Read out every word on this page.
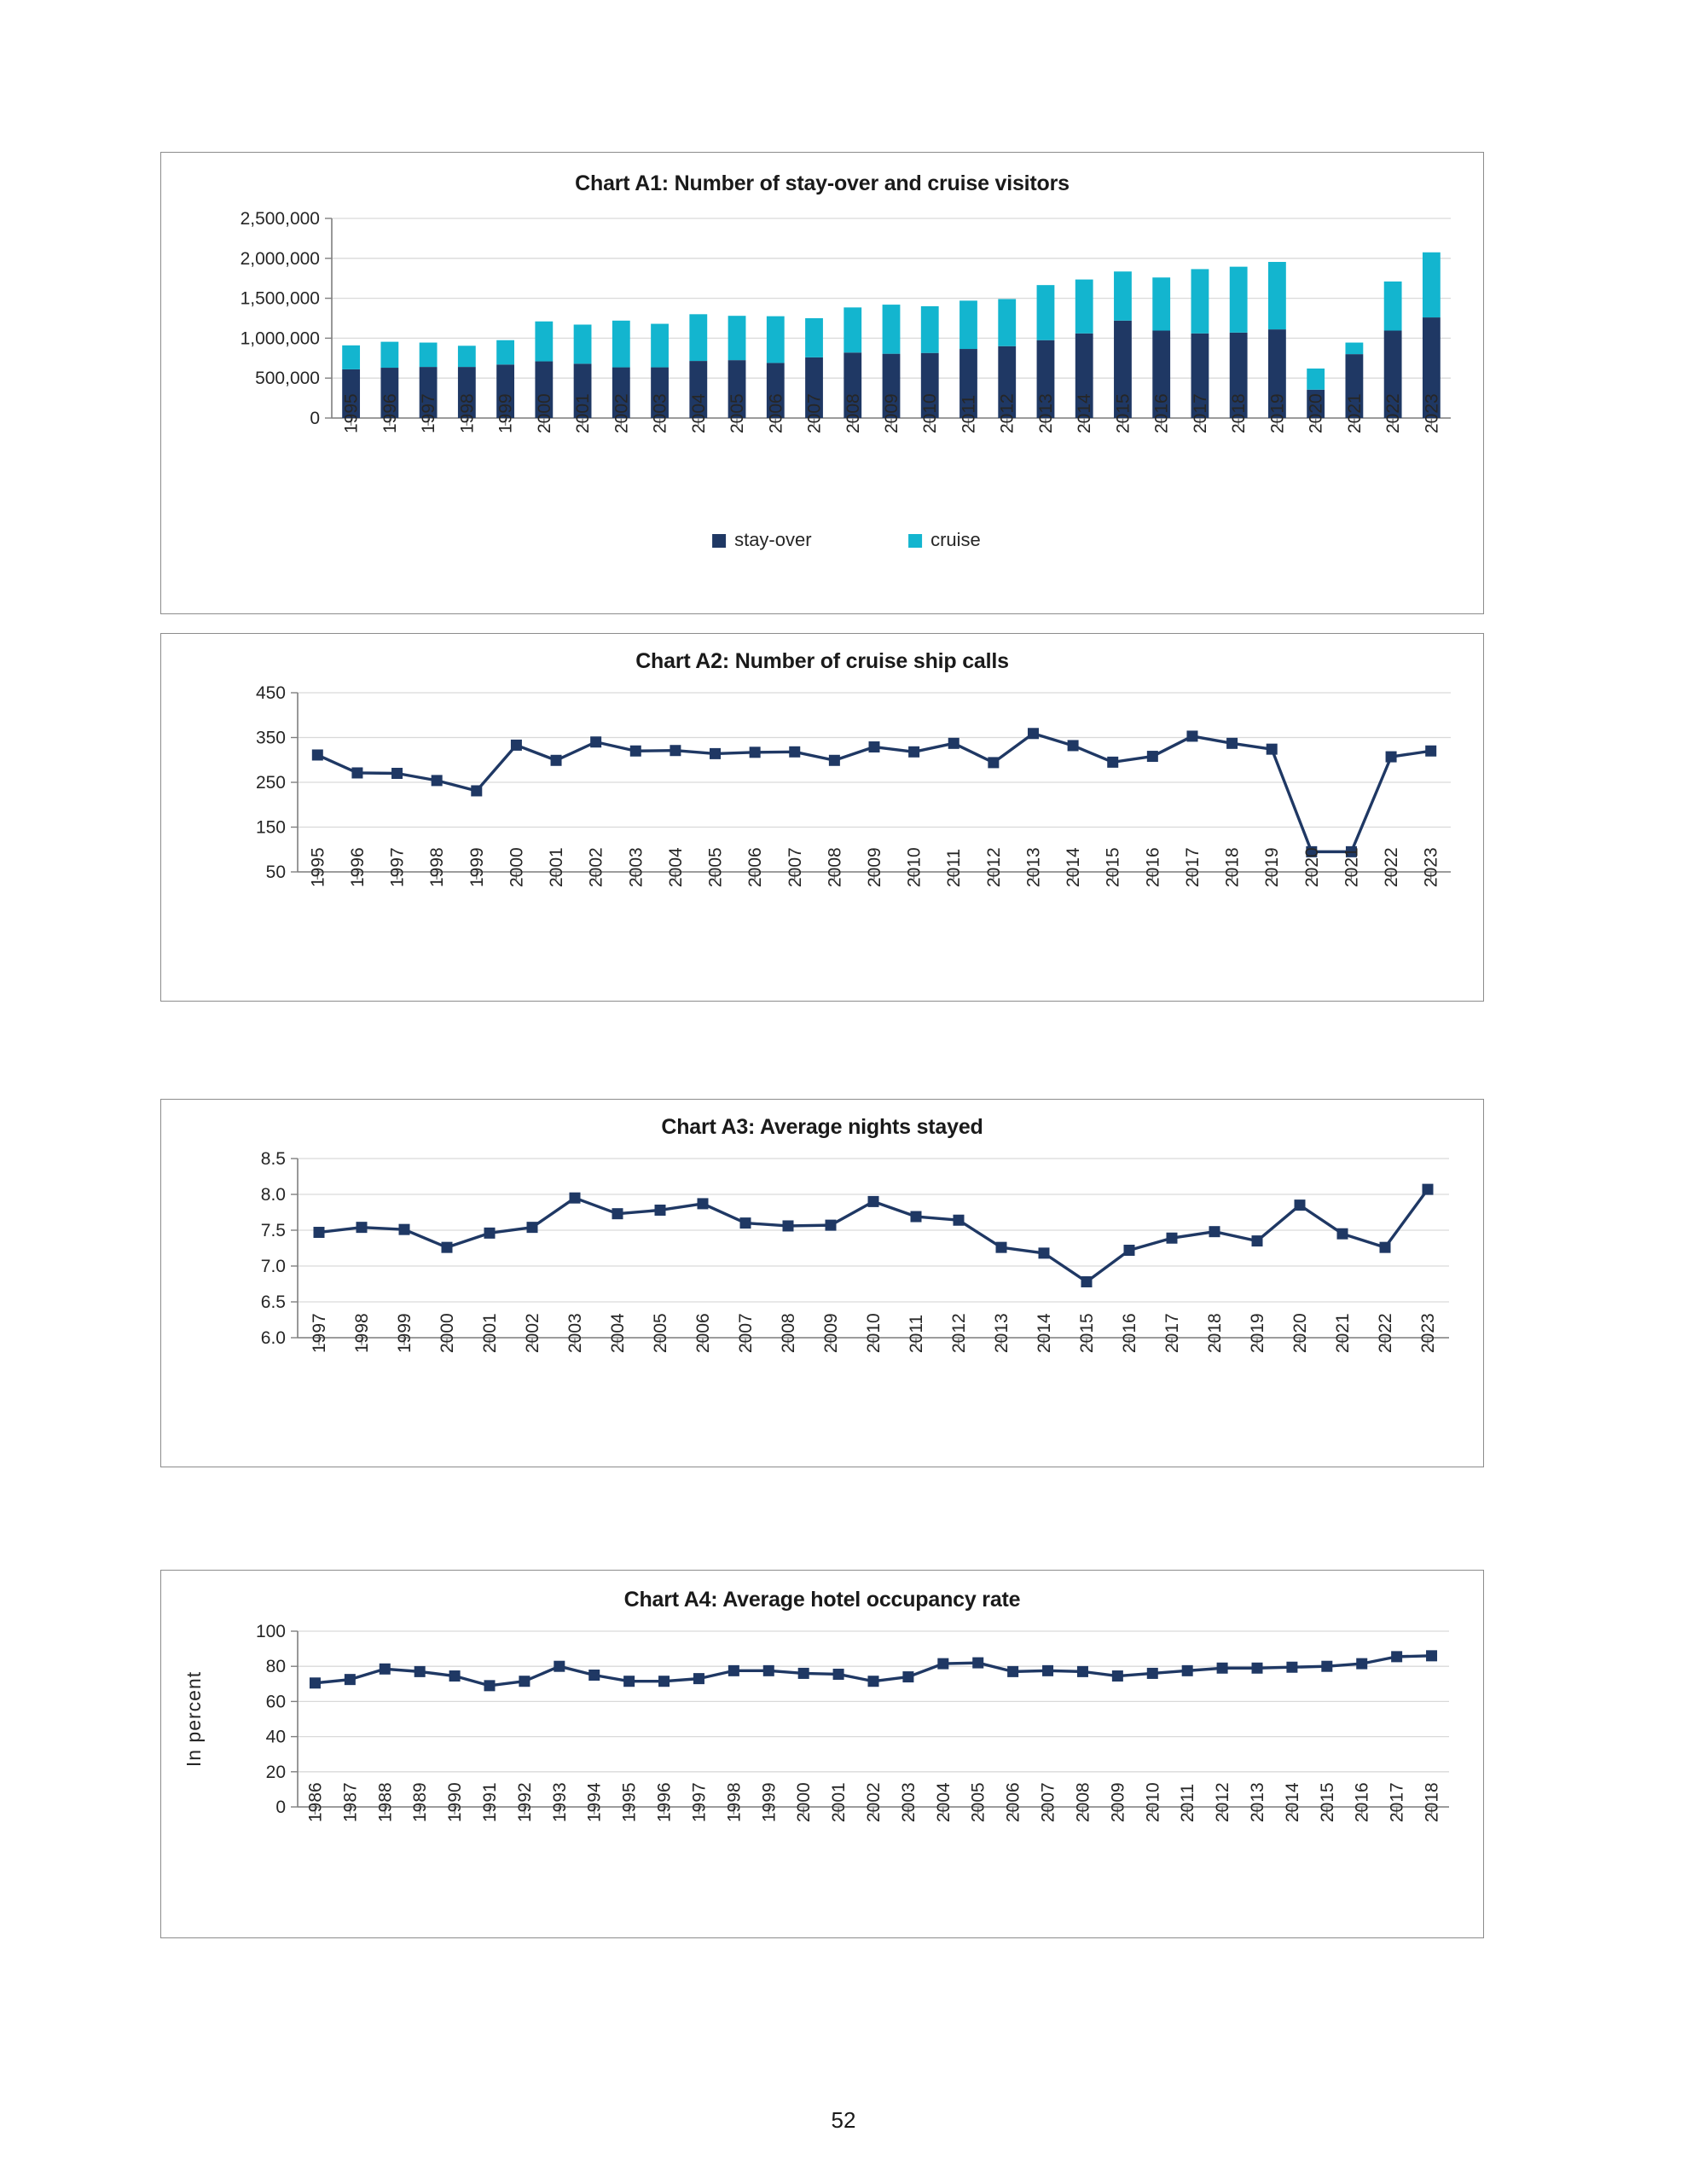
Chart A1: Number of stay-over and cruise visitors
0
500,000
1,000,000
1,500,000
2,000,000
2,500,000
1995 1996 1997 1998 1999 2000 2001 2002 2003 2004 2005 2006 2007 2008 2009 2010 2011 2012 2013 2014 2015 2016 2017 2018 2019 2020 2021 2022 2023
stay-over	cruise
Chart A2: Number of cruise ship calls
50
150
250
350
450
1995 1996 1997 1998 1999 2000 2001 2002 2003 2004 2005 2006 2007 2008 2009 2010 2011 2012 2013 2014 2015 2016 2017 2018 2019 2020 2021 2022 2023
Chart A3: Average nights stayed
6.0
6.5
7.0
7.5
8.0
8.5
1997 1998 1999 2000 2001 2002 2003 2004 2005 2006 2007 2008 2009 2010 2011 2012 2013 2014 2015 2016 2017 2018 2019 2020 2021 2022 2023
Chart A4: Average hotel occupancy rate
0
20
40
60
80
100
In percent
1986 1987 1988 1989 1990 1991 1992 1993 1994 1995 1996 1997 1998 1999 2000 2001 2002 2003 2004 2005 2006 2007 2008 2009 2010 2011 2012 2013 2014 2015 2016 2017 2018
52
